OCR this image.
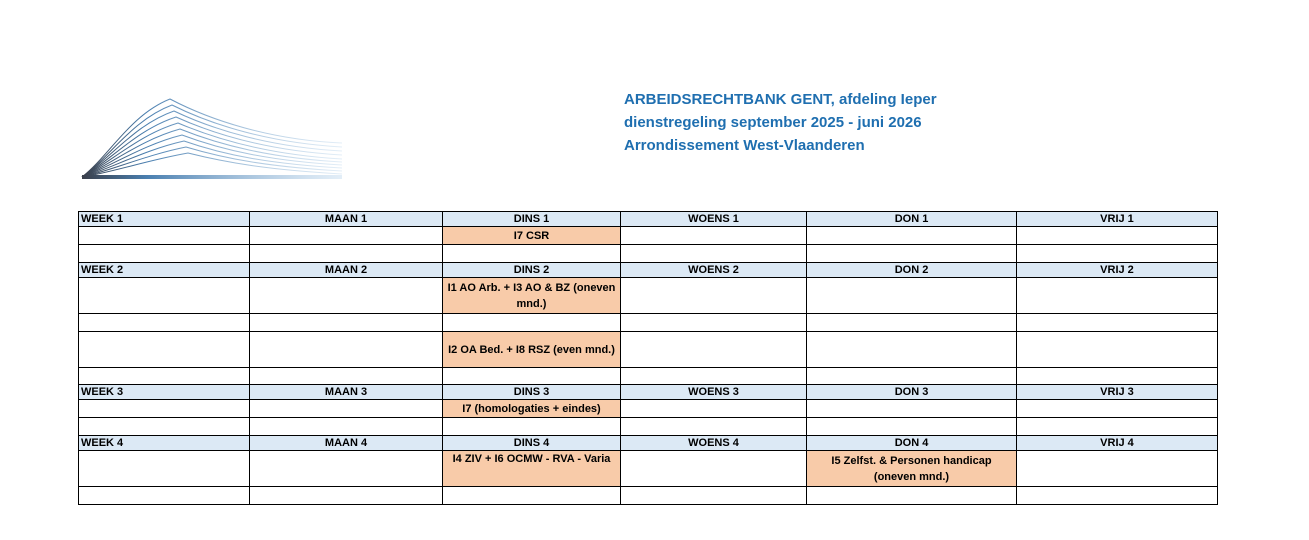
ARBEIDSRECHTBANK GENT, afdeling Ieper
dienstregeling september 2025 - juni 2026
Arrondissement West-Vlaanderen
WEEK 1	MAAN 1	DINS 1	WOENS 1	DON 1	VRIJ 1
		I7 CSR			

WEEK 2	MAAN 2	DINS 2	WOENS 2	DON 2	VRIJ 2
		I1 AO Arb. + I3 AO & BZ (oneven mnd.)			

		I2 OA Bed. + I8 RSZ (even mnd.)			

WEEK 3	MAAN 3	DINS 3	WOENS 3	DON 3	VRIJ 3
		I7 (homologaties + eindes)			

WEEK 4	MAAN 4	DINS 4	WOENS 4	DON 4	VRIJ 4
		I4 ZIV + I6 OCMW - RVA - Varia		I5 Zelfst. & Personen handicap (oneven mnd.)	
